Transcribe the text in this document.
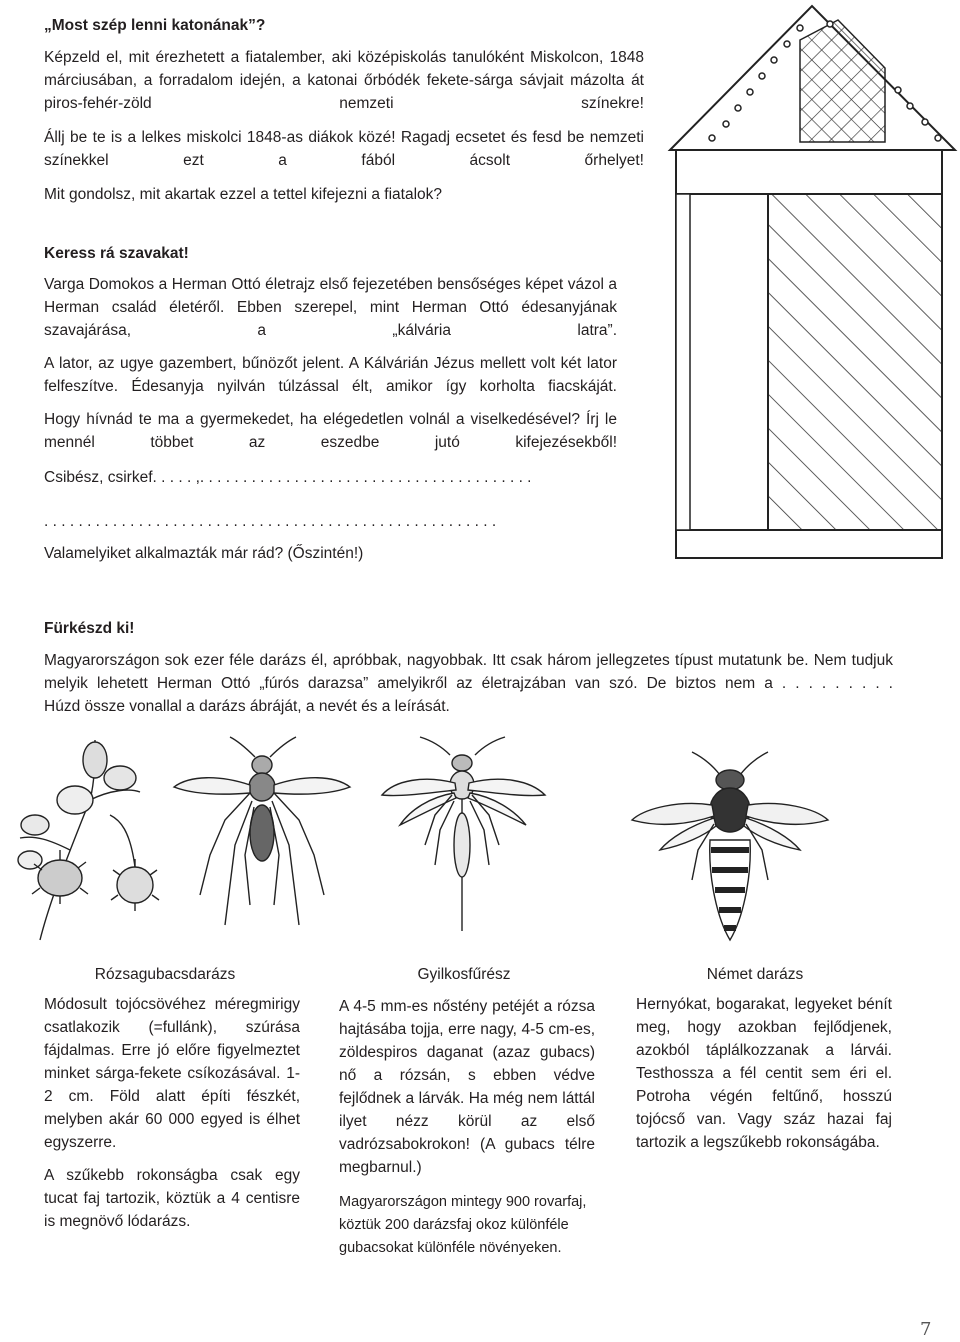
„Most szép lenni katonának”?

Képzeld el, mit érezhetett a fiatalember, aki középiskolás tanulóként Miskolcon, 1848 márciusában, a forradalom idején, a katonai őrbódék fekete-sárga sávjait mázolta át piros-fehér-zöld nemzeti színekre!

Állj be te is a lelkes miskolci 1848-as diákok közé! Ragadj ecsetet és fesd be nemzeti színekkel ezt a fából ácsolt őrhelyet!

Mit gondolsz, mit akartak ezzel a tettel kifejezni a fiatalok?

Keress rá szavakat!

Varga Domokos a Herman Ottó életrajz első fejezetében bensőséges képet vázol a Herman család életéről. Ebben szerepel, mint Herman Ottó édesanyjának szavajárása, a „kálvária latra”.

A lator, az ugye gazembert, bűnözőt jelent. A Kálvárián Jézus mellett volt két lator felfeszítve. Édesanyja nyilván túlzással élt, amikor így korholta fiacskáját.

Hogy hívnád te ma a gyermekedet, ha elégedetlen volnál a viselkedésével? Írj le mennél többet az eszedbe jutó kifejezésekből!

Csibész, csirkef. . . . . ,. . . . . . . . . . . . . . . . . . . . . . . . . . . . . . . . . . . . . . .

. . . . . . . . . . . . . . . . . . . . . . . . . . . . . . . . . . . . . . . . . . . . . . . . . . . . .

Valamelyiket alkalmazták már rád? (Őszintén!)

Fürkészd ki!

Magyarországon sok ezer féle darázs él, apróbbak, nagyobbak. Itt csak három jellegzetes típust mutatunk be. Nem tudjuk melyik lehetett Herman Ottó „fúrós darazsa” amelyikről az életrajzában van szó. De biztos nem a . . . . . . . . .

Húzd össze vonallal a darázs ábráját, a nevét és a leírását.

Rózsagubacsdarázs	Gyilkosfűrész	Német darázs

Módosult tojócsövéhez méregmirigy csatlakozik (=fullánk), szúrása fájdalmas. Erre jó előre figyelmeztet minket sárga-fekete csíkozásával. 1-2 cm. Föld alatt építi fészkét, melyben akár 60 000 egyed is élhet egyszerre.

A szűkebb rokonságba csak egy tucat faj tartozik, köztük a 4 centisre is megnövő lódarázs.

A 4-5 mm-es nőstény petéjét a rózsa hajtásába tojja, erre nagy, 4-5 cm-es, zöldespiros daganat (azaz gubacs) nő a rózsán, s ebben védve fejlődnek a lárvák. Ha még nem láttál ilyet nézz körül az első vadrózsabokrokon! (A gubacs télre megbarnul.)

Magyarországon mintegy 900 rovarfaj, köztük 200 darázsfaj okoz különféle gubacsokat különféle növényeken.

Hernyókat, bogarakat, legyeket bénít meg, hogy azokban fejlődjenek, azokból táplálkozzanak a lárvái. Testhossza a fél centit sem éri el. Potroha végén feltűnő, hosszú tojócső van. Vagy száz hazai faj tartozik a legszűkebb rokonságába.

7
